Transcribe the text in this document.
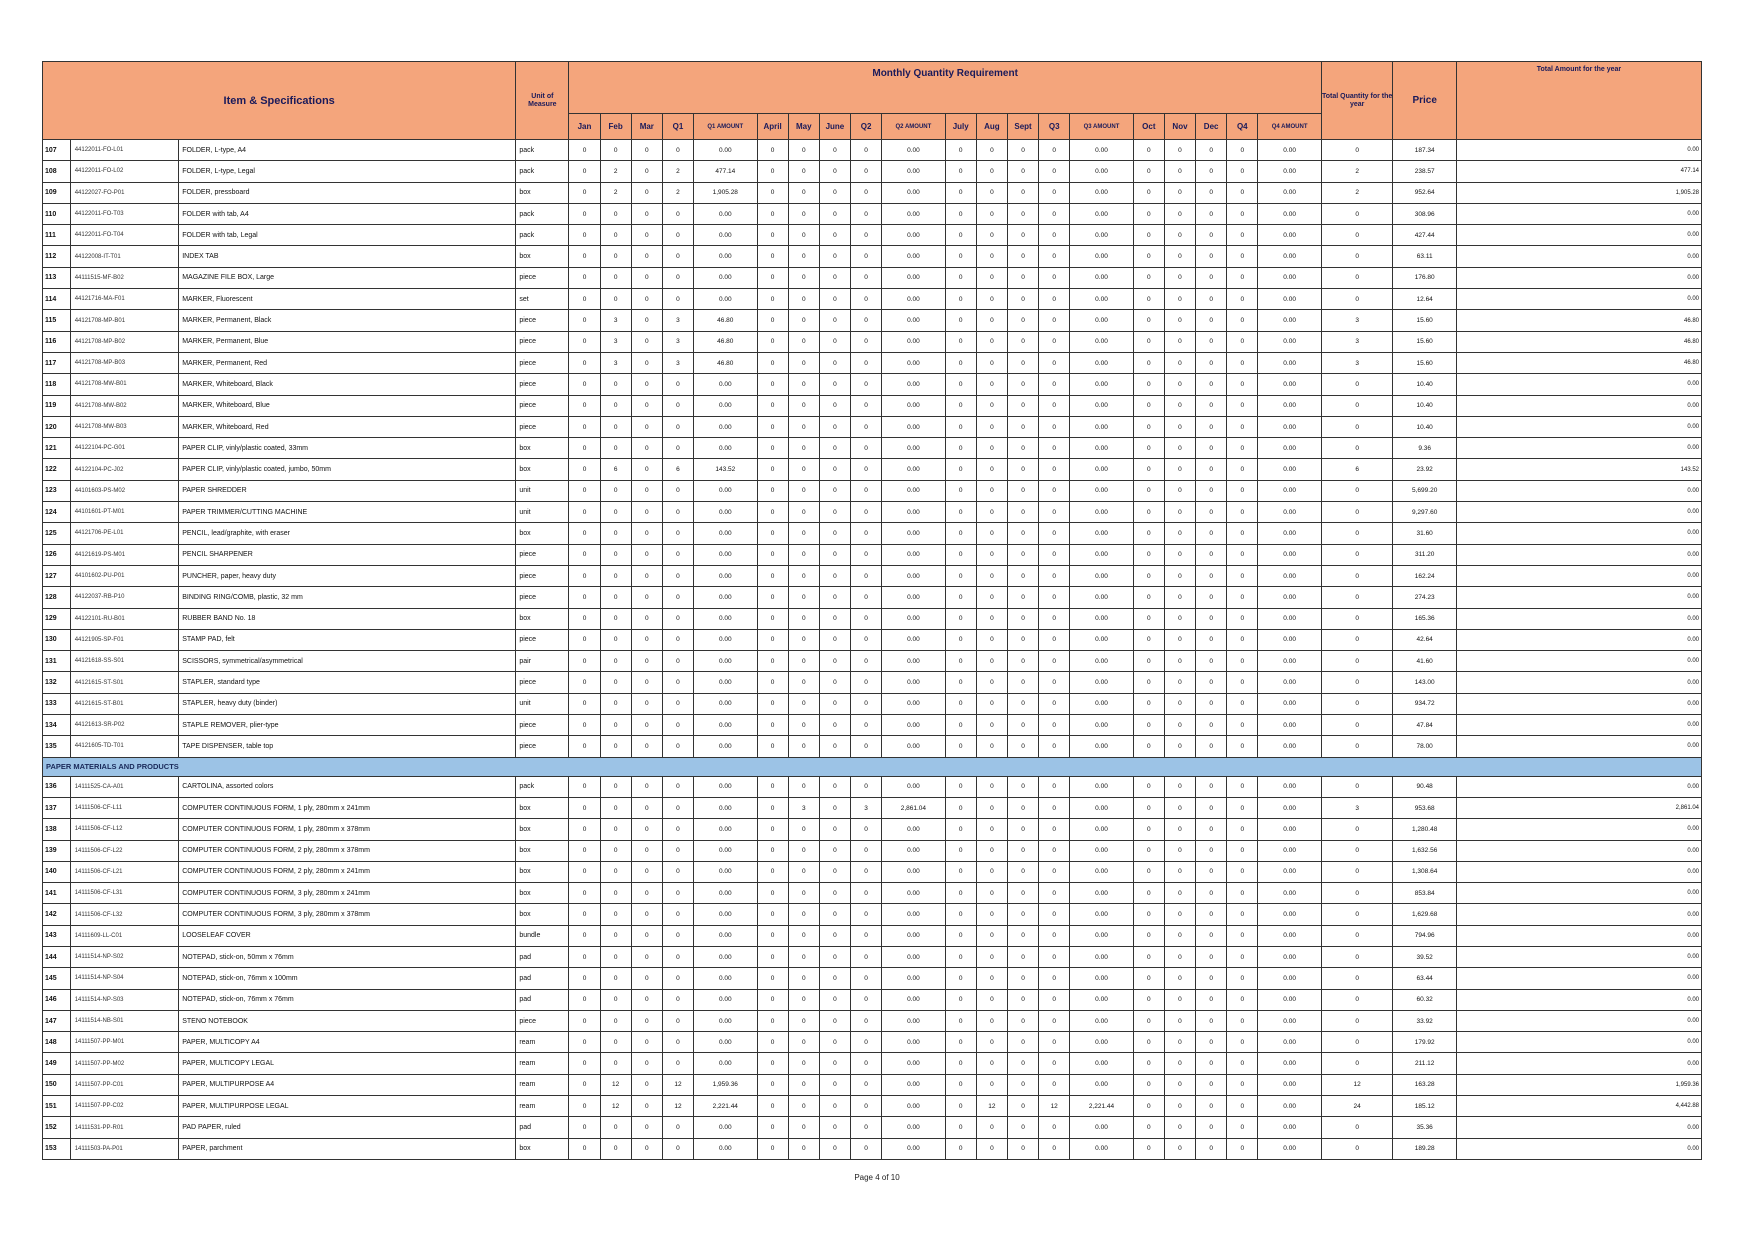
Item & Specifications			Unit of Measure	Monthly Quantity Requirement																				Total Quantity for the year	Price	Total Amount for the year
				Jan	Feb	Mar	Q1	Q1 AMOUNT	April	May	June	Q2	Q2 AMOUNT	July	Aug	Sept	Q3	Q3 AMOUNT	Oct	Nov	Dec	Q4	Q4 AMOUNT			
107	44122011-FO-L01	FOLDER, L-type, A4	pack	0	0	0	0	0.00	0	0	0	0	0.00	0	0	0	0	0.00	0	0	0	0	0.00	0	187.34	0.00
108	44122011-FO-L02	FOLDER, L-type, Legal	pack	0	2	0	2	477.14	0	0	0	0	0.00	0	0	0	0	0.00	0	0	0	0	0.00	2	238.57	477.14
109	44122027-FO-P01	FOLDER, pressboard	box	0	2	0	2	1,905.28	0	0	0	0	0.00	0	0	0	0	0.00	0	0	0	0	0.00	2	952.64	1,905.28
110	44122011-FO-T03	FOLDER with tab, A4	pack	0	0	0	0	0.00	0	0	0	0	0.00	0	0	0	0	0.00	0	0	0	0	0.00	0	308.96	0.00
111	44122011-FO-T04	FOLDER with tab, Legal	pack	0	0	0	0	0.00	0	0	0	0	0.00	0	0	0	0	0.00	0	0	0	0	0.00	0	427.44	0.00
112	44122008-IT-T01	INDEX TAB	box	0	0	0	0	0.00	0	0	0	0	0.00	0	0	0	0	0.00	0	0	0	0	0.00	0	63.11	0.00
113	44111515-MF-B02	MAGAZINE FILE BOX, Large	piece	0	0	0	0	0.00	0	0	0	0	0.00	0	0	0	0	0.00	0	0	0	0	0.00	0	176.80	0.00
114	44121716-MA-F01	MARKER, Fluorescent	set	0	0	0	0	0.00	0	0	0	0	0.00	0	0	0	0	0.00	0	0	0	0	0.00	0	12.64	0.00
115	44121708-MP-B01	MARKER, Permanent, Black	piece	0	3	0	3	46.80	0	0	0	0	0.00	0	0	0	0	0.00	0	0	0	0	0.00	3	15.60	46.80
116	44121708-MP-B02	MARKER, Permanent, Blue	piece	0	3	0	3	46.80	0	0	0	0	0.00	0	0	0	0	0.00	0	0	0	0	0.00	3	15.60	46.80
117	44121708-MP-B03	MARKER, Permanent, Red	piece	0	3	0	3	46.80	0	0	0	0	0.00	0	0	0	0	0.00	0	0	0	0	0.00	3	15.60	46.80
118	44121708-MW-B01	MARKER, Whiteboard, Black	piece	0	0	0	0	0.00	0	0	0	0	0.00	0	0	0	0	0.00	0	0	0	0	0.00	0	10.40	0.00
119	44121708-MW-B02	MARKER, Whiteboard, Blue	piece	0	0	0	0	0.00	0	0	0	0	0.00	0	0	0	0	0.00	0	0	0	0	0.00	0	10.40	0.00
120	44121708-MW-B03	MARKER, Whiteboard, Red	piece	0	0	0	0	0.00	0	0	0	0	0.00	0	0	0	0	0.00	0	0	0	0	0.00	0	10.40	0.00
121	44122104-PC-G01	PAPER CLIP, vinly/plastic coated, 33mm	box	0	0	0	0	0.00	0	0	0	0	0.00	0	0	0	0	0.00	0	0	0	0	0.00	0	9.36	0.00
122	44122104-PC-J02	PAPER CLIP, vinly/plastic coated, jumbo, 50mm	box	0	6	0	6	143.52	0	0	0	0	0.00	0	0	0	0	0.00	0	0	0	0	0.00	6	23.92	143.52
123	44101603-PS-M02	PAPER SHREDDER	unit	0	0	0	0	0.00	0	0	0	0	0.00	0	0	0	0	0.00	0	0	0	0	0.00	0	5,699.20	0.00
124	44101601-PT-M01	PAPER TRIMMER/CUTTING MACHINE	unit	0	0	0	0	0.00	0	0	0	0	0.00	0	0	0	0	0.00	0	0	0	0	0.00	0	9,297.60	0.00
125	44121706-PE-L01	PENCIL, lead/graphite, with eraser	box	0	0	0	0	0.00	0	0	0	0	0.00	0	0	0	0	0.00	0	0	0	0	0.00	0	31.60	0.00
126	44121619-PS-M01	PENCIL SHARPENER	piece	0	0	0	0	0.00	0	0	0	0	0.00	0	0	0	0	0.00	0	0	0	0	0.00	0	311.20	0.00
127	44101602-PU-P01	PUNCHER, paper, heavy duty	piece	0	0	0	0	0.00	0	0	0	0	0.00	0	0	0	0	0.00	0	0	0	0	0.00	0	162.24	0.00
128	44122037-RB-P10	BINDING RING/COMB, plastic, 32 mm	piece	0	0	0	0	0.00	0	0	0	0	0.00	0	0	0	0	0.00	0	0	0	0	0.00	0	274.23	0.00
129	44122101-RU-B01	RUBBER BAND No. 18	box	0	0	0	0	0.00	0	0	0	0	0.00	0	0	0	0	0.00	0	0	0	0	0.00	0	165.36	0.00
130	44121905-SP-F01	STAMP PAD, felt	piece	0	0	0	0	0.00	0	0	0	0	0.00	0	0	0	0	0.00	0	0	0	0	0.00	0	42.64	0.00
131	44121618-SS-S01	SCISSORS, symmetrical/asymmetrical	pair	0	0	0	0	0.00	0	0	0	0	0.00	0	0	0	0	0.00	0	0	0	0	0.00	0	41.60	0.00
132	44121615-ST-S01	STAPLER, standard type	piece	0	0	0	0	0.00	0	0	0	0	0.00	0	0	0	0	0.00	0	0	0	0	0.00	0	143.00	0.00
133	44121615-ST-B01	STAPLER, heavy duty (binder)	unit	0	0	0	0	0.00	0	0	0	0	0.00	0	0	0	0	0.00	0	0	0	0	0.00	0	934.72	0.00
134	44121613-SR-P02	STAPLE REMOVER, plier-type	piece	0	0	0	0	0.00	0	0	0	0	0.00	0	0	0	0	0.00	0	0	0	0	0.00	0	47.84	0.00
135	44121605-TD-T01	TAPE DISPENSER, table top	piece	0	0	0	0	0.00	0	0	0	0	0.00	0	0	0	0	0.00	0	0	0	0	0.00	0	78.00	0.00
PAPER MATERIALS AND PRODUCTS																										
136	14111525-CA-A01	CARTOLINA, assorted colors	pack	0	0	0	0	0.00	0	0	0	0	0.00	0	0	0	0	0.00	0	0	0	0	0.00	0	90.48	0.00
137	14111506-CF-L11	COMPUTER CONTINUOUS FORM, 1 ply, 280mm x 241mm	box	0	0	0	0	0.00	0	3	0	3	2,861.04	0	0	0	0	0.00	0	0	0	0	0.00	3	953.68	2,861.04
138	14111506-CF-L12	COMPUTER CONTINUOUS FORM, 1 ply, 280mm x 378mm	box	0	0	0	0	0.00	0	0	0	0	0.00	0	0	0	0	0.00	0	0	0	0	0.00	0	1,280.48	0.00
139	14111506-CF-L22	COMPUTER CONTINUOUS FORM, 2 ply, 280mm x 378mm	box	0	0	0	0	0.00	0	0	0	0	0.00	0	0	0	0	0.00	0	0	0	0	0.00	0	1,632.56	0.00
140	14111506-CF-L21	COMPUTER CONTINUOUS FORM, 2 ply, 280mm x 241mm	box	0	0	0	0	0.00	0	0	0	0	0.00	0	0	0	0	0.00	0	0	0	0	0.00	0	1,308.64	0.00
141	14111506-CF-L31	COMPUTER CONTINUOUS FORM, 3 ply, 280mm x 241mm	box	0	0	0	0	0.00	0	0	0	0	0.00	0	0	0	0	0.00	0	0	0	0	0.00	0	853.84	0.00
142	14111506-CF-L32	COMPUTER CONTINUOUS FORM, 3 ply, 280mm x 378mm	box	0	0	0	0	0.00	0	0	0	0	0.00	0	0	0	0	0.00	0	0	0	0	0.00	0	1,629.68	0.00
143	14111609-LL-C01	LOOSELEAF COVER	bundle	0	0	0	0	0.00	0	0	0	0	0.00	0	0	0	0	0.00	0	0	0	0	0.00	0	794.96	0.00
144	14111514-NP-S02	NOTEPAD, stick-on, 50mm x 76mm	pad	0	0	0	0	0.00	0	0	0	0	0.00	0	0	0	0	0.00	0	0	0	0	0.00	0	39.52	0.00
145	14111514-NP-S04	NOTEPAD, stick-on, 76mm x 100mm	pad	0	0	0	0	0.00	0	0	0	0	0.00	0	0	0	0	0.00	0	0	0	0	0.00	0	63.44	0.00
146	14111514-NP-S03	NOTEPAD, stick-on, 76mm x 76mm	pad	0	0	0	0	0.00	0	0	0	0	0.00	0	0	0	0	0.00	0	0	0	0	0.00	0	60.32	0.00
147	14111514-NB-S01	STENO NOTEBOOK	piece	0	0	0	0	0.00	0	0	0	0	0.00	0	0	0	0	0.00	0	0	0	0	0.00	0	33.92	0.00
148	14111507-PP-M01	PAPER, MULTICOPY A4	ream	0	0	0	0	0.00	0	0	0	0	0.00	0	0	0	0	0.00	0	0	0	0	0.00	0	179.92	0.00
149	14111507-PP-M02	PAPER, MULTICOPY LEGAL	ream	0	0	0	0	0.00	0	0	0	0	0.00	0	0	0	0	0.00	0	0	0	0	0.00	0	211.12	0.00
150	14111507-PP-C01	PAPER, MULTIPURPOSE A4	ream	0	12	0	12	1,959.36	0	0	0	0	0.00	0	0	0	0	0.00	0	0	0	0	0.00	12	163.28	1,959.36
151	14111507-PP-C02	PAPER, MULTIPURPOSE LEGAL	ream	0	12	0	12	2,221.44	0	0	0	0	0.00	0	12	0	12	2,221.44	0	0	0	0	0.00	24	185.12	4,442.88
152	14111531-PP-R01	PAD PAPER, ruled	pad	0	0	0	0	0.00	0	0	0	0	0.00	0	0	0	0	0.00	0	0	0	0	0.00	0	35.36	0.00
153	14111503-PA-P01	PAPER, parchment	box	0	0	0	0	0.00	0	0	0	0	0.00	0	0	0	0	0.00	0	0	0	0	0.00	0	189.28	0.00
Page 4 of 10
